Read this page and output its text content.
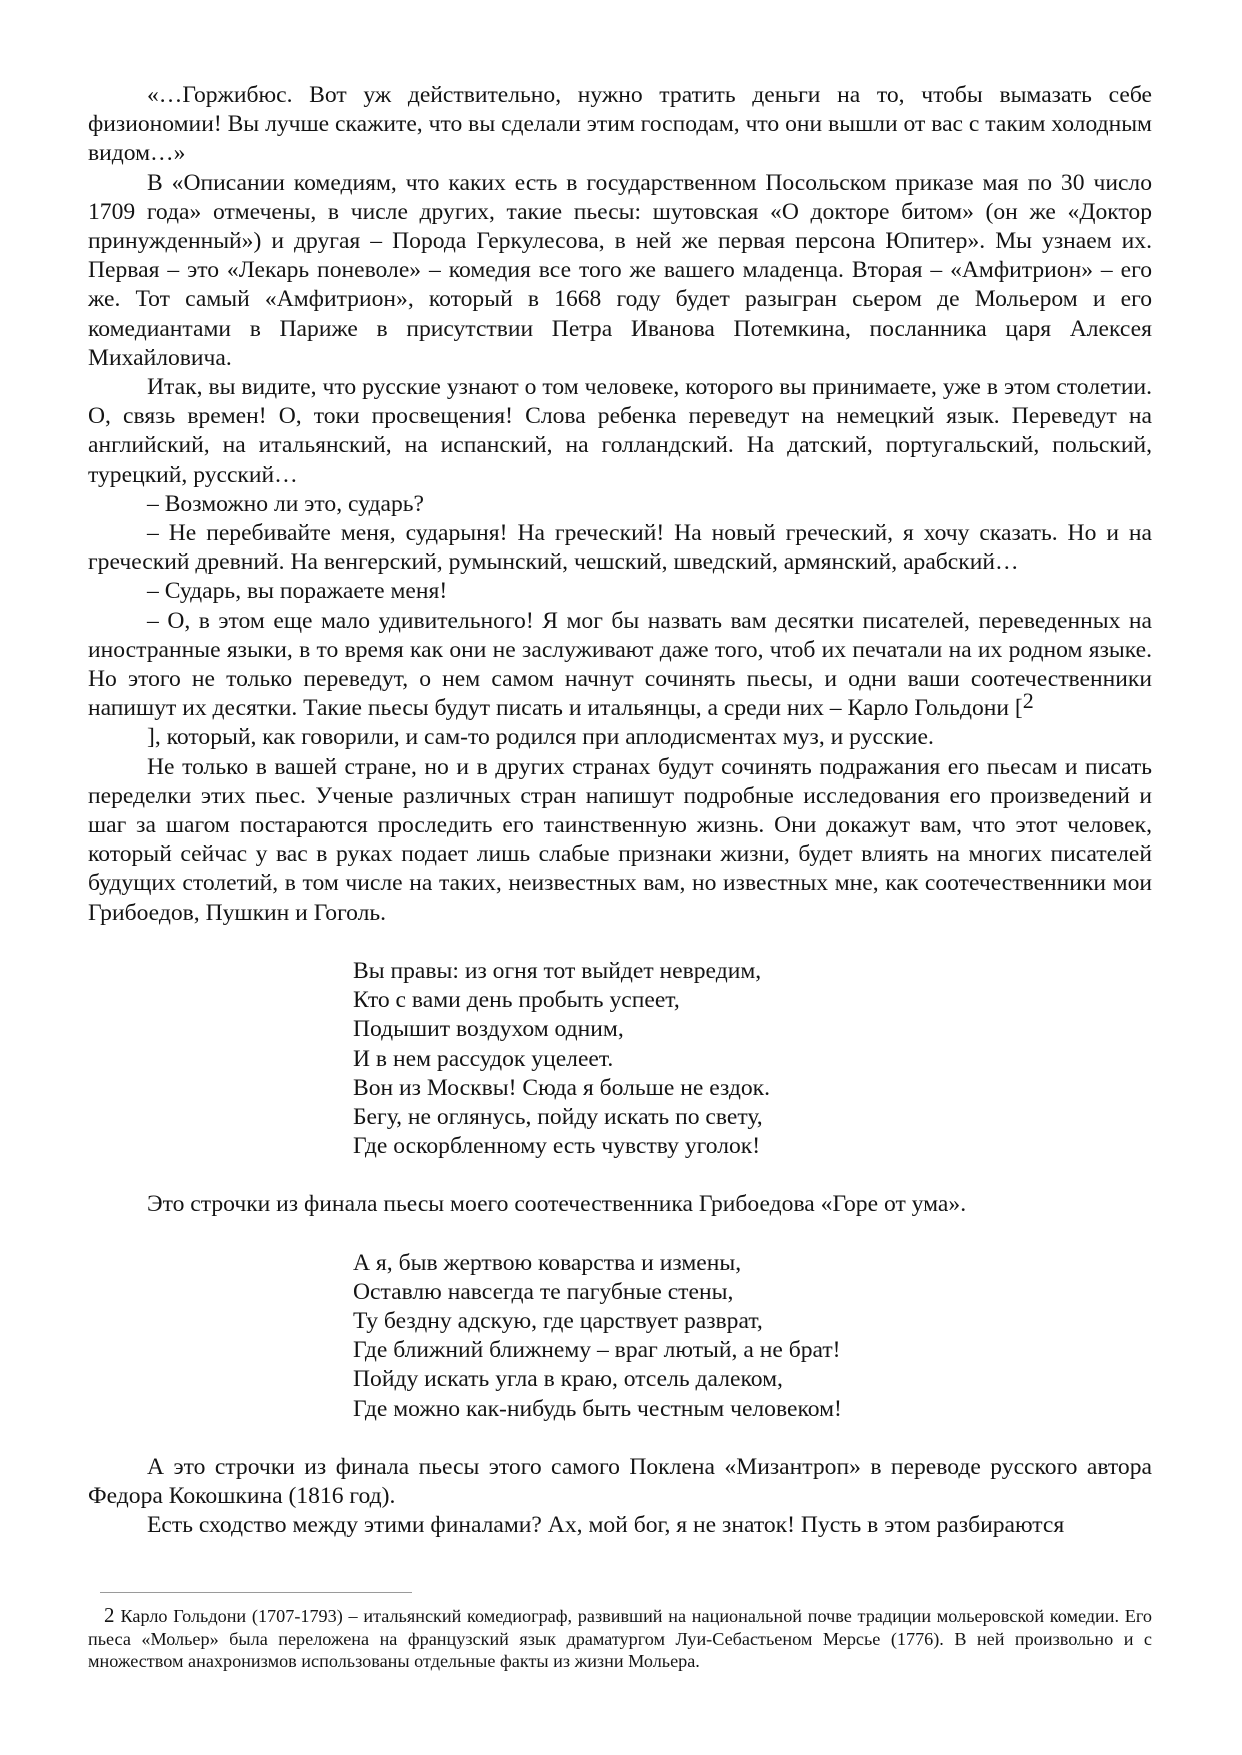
«…Горжибюс. Вот уж действительно, нужно тратить деньги на то, чтобы вымазать себе физиономии! Вы лучше скажите, что вы сделали этим господам, что они вышли от вас с таким холодным видом…»

В «Описании комедиям, что каких есть в государственном Посольском приказе мая по 30 число 1709 года» отмечены, в числе других, такие пьесы: шутовская «О докторе битом» (он же «Доктор принужденный») и другая – Порода Геркулесова, в ней же первая персона Юпитер». Мы узнаем их. Первая – это «Лекарь поневоле» – комедия все того же вашего младенца. Вторая – «Амфитрион» – его же. Тот самый «Амфитрион», который в 1668 году будет разыгран сьером де Мольером и его комедиантами в Париже в присутствии Петра Иванова Потемкина, посланника царя Алексея Михайловича.

Итак, вы видите, что русские узнают о том человеке, которого вы принимаете, уже в этом столетии. О, связь времен! О, токи просвещения! Слова ребенка переведут на немецкий язык. Переведут на английский, на итальянский, на испанский, на голландский. На датский, португальский, польский, турецкий, русский…

– Возможно ли это, сударь?

– Не перебивайте меня, сударыня! На греческий! На новый греческий, я хочу сказать. Но и на греческий древний. На венгерский, румынский, чешский, шведский, армянский, арабский…

– Сударь, вы поражаете меня!

– О, в этом еще мало удивительного! Я мог бы назвать вам десятки писателей, переведенных на иностранные языки, в то время как они не заслуживают даже того, чтоб их печатали на их родном языке. Но этого не только переведут, о нем самом начнут сочинять пьесы, и одни ваши соотечественники напишут их десятки. Такие пьесы будут писать и итальянцы, а среди них – Карло Гольдони [2

], который, как говорили, и сам-то родился при аплодисментах муз, и русские.

Не только в вашей стране, но и в других странах будут сочинять подражания его пьесам и писать переделки этих пьес. Ученые различных стран напишут подробные исследования его произведений и шаг за шагом постараются проследить его таинственную жизнь. Они докажут вам, что этот человек, который сейчас у вас в руках подает лишь слабые признаки жизни, будет влиять на многих писателей будущих столетий, в том числе на таких, неизвестных вам, но известных мне, как соотечественники мои Грибоедов, Пушкин и Гоголь.

Вы правы: из огня тот выйдет невредим,
Кто с вами день пробыть успеет,
Подышит воздухом одним,
И в нем рассудок уцелеет.
Вон из Москвы! Сюда я больше не ездок.
Бегу, не оглянусь, пойду искать по свету,
Где оскорбленному есть чувству уголок!

Это строчки из финала пьесы моего соотечественника Грибоедова «Горе от ума».

А я, быв жертвою коварства и измены,
Оставлю навсегда те пагубные стены,
Ту бездну адскую, где царствует разврат,
Где ближний ближнему – враг лютый, а не брат!
Пойду искать угла в краю, отсель далеком,
Где можно как-нибудь быть честным человеком!

А это строчки из финала пьесы этого самого Поклена «Мизантроп» в переводе русского автора Федора Кокошкина (1816 год).

Есть сходство между этими финалами? Ах, мой бог, я не знаток! Пусть в этом разбираются

2 Карло Гольдони (1707-1793) – итальянский комедиограф, развивший на национальной почве традиции мольеровской комедии. Его пьеса «Мольер» была переложена на французский язык драматургом Луи-Себастьеном Мерсье (1776). В ней произвольно и с множеством анахронизмов использованы отдельные факты из жизни Мольера.
